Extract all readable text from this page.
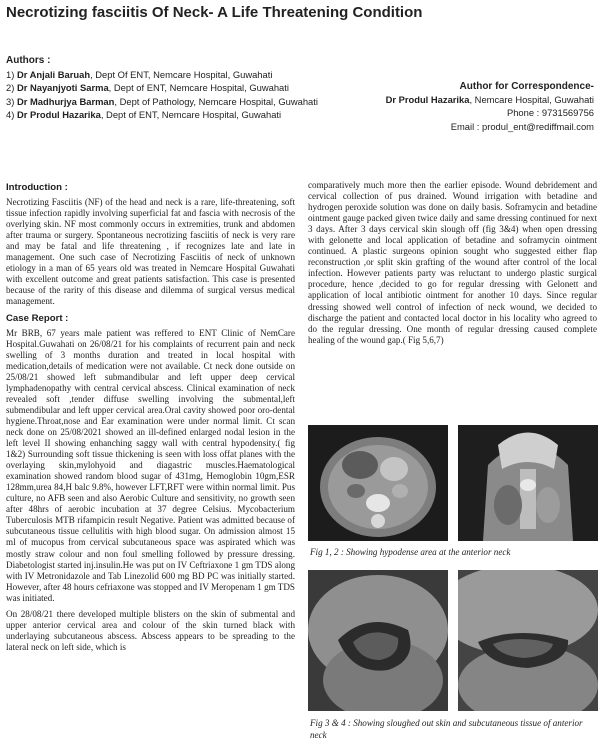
Necrotizing fasciitis Of Neck- A Life Threatening Condition
Authors :
1) Dr Anjali Baruah, Dept Of ENT, Nemcare Hospital, Guwahati
2) Dr Nayanjyoti Sarma, Dept of ENT, Nemcare Hospital, Guwahati
3) Dr Madhurjya Barman, Dept of Pathology, Nemcare Hospital, Guwahati
4) Dr Produl Hazarika, Dept of ENT, Nemcare Hospital, Guwahati
Author for Correspondence-
Dr Produl Hazarika, Nemcare Hospital, Guwahati
Phone : 9731569756
Email : produl_ent@rediffmail.com
Introduction :

Necrotizing Fasciitis (NF) of the head and neck is a rare, life-threatening, soft tissue infection rapidly involving superficial fat and fascia with necrosis of the overlying skin. NF most commonly occurs in extremities, trunk and abdomen after trauma or surgery. Spontaneous necrotizing fasciitis of neck is very rare and may be fatal and life threatening , if recognizes late and late in management. One such case of Necrotizing Fasciitis of neck of unknown etiology in a man of 65 years old was treated in Nemcare Hospital Guwahati with excellent outcome and great patients satisfaction. This case is presented because of the rarity of this disease and dilemma of surgical versus medical management.

Case Report :

Mr BRB, 67 years male patient was reffered to ENT Clinic of NemCare Hospital.Guwahati on 26/08/21 for his complaints of recurrent pain and neck swelling of 3 months duration and treated in local hospital with medication,details of medication were not available. Ct neck done outside on 25/08/21 showed left submandibular and left upper deep cervical lymphadenopathy with central cervical abscess. Clinical examination of neck revealed soft ,tender diffuse swelling involving the submental,left submendibular and left upper cervical area.Oral cavity showed poor oro-dental hygiene.Throat,nose and Ear examination were under normal limit. Ct scan neck done on 25/08/2021 showed an ill-defined enlarged nodal lesion in the left level II showing enhanching saggy wall with central hypodensity.( fig 1&2) Surrounding soft tissue thickening is seen with loss offat planes with the overlaying skin,mylohyoid and diagastric muscles.Haematological examination showed random blood sugar of 431mg, Hemoglobin 10gm,ESR 128mm,urea 84,H balc 9.8%, however LFT,RFT were within normal limit. Pus culture, no AFB seen and also Aerobic Culture and sensitivity, no growth seen after 48hrs of aerobic incubation at 37 degree Celsius. Mycobacterium Tuberculosis MTB rifampicin result Negative. Patient was admitted because of subcutaneous tissue cellulitis with high blood sugar. On admission almost 15 ml of mucopus from cervical subcutaneous space was aspirated which was mostly straw colour and non foul smelling followed by pressure dressing. Diabetologist started inj.insulin.He was put on IV Ceftriaxone 1 gm TDS along with IV Metronidazole and Tab Linezolid 600 mg BD PC was initially started. However, after 48 hours cefriaxone was stopped and IV Meropenam 1 gm TDS was initiated.

On 28/08/21 there developed multiple blisters on the skin of submental and upper anterior cervical area and colour of the skin turned black with underlaying subcutaneous abscess. Abscess appears to be spreading to the lateral neck on left side, which is

comparatively much more then the earlier episode. Wound debridement and cervical collection of pus drained. Wound irrigation with betadine and hydrogen peroxide solution was done on daily basis. Soframycin and betadine ointment gauge packed given twice daily and same dressing continued for next 3 days. After 3 days cervical skin slough off (fig 3&4) when open dressing with gelonette and local application of betadine and soframycin ointment continued. A plastic surgeons opinion sought who suggested either flap reconstruction ,or split skin grafting of the wound after control of the local infection. However patients party was reluctant to undergo plastic surgical procedure, hence ,decided to go for regular dressing with Gelonett and application of local antibiotic ointment for another 10 days. Since regular dressing showed well control of infection of neck wound, we decided to discharge the patient and contacted local doctor in his locality who agreed to do the regular dressing. One month of regular dressing caused complete healing of the wound gap.( Fig 5,6,7)

Fig 1, 2 : Showing hypodense area at the anterior neck
Fig 3 & 4 : Showing sloughed out skin and subcutaneous tissue of anterior neck
